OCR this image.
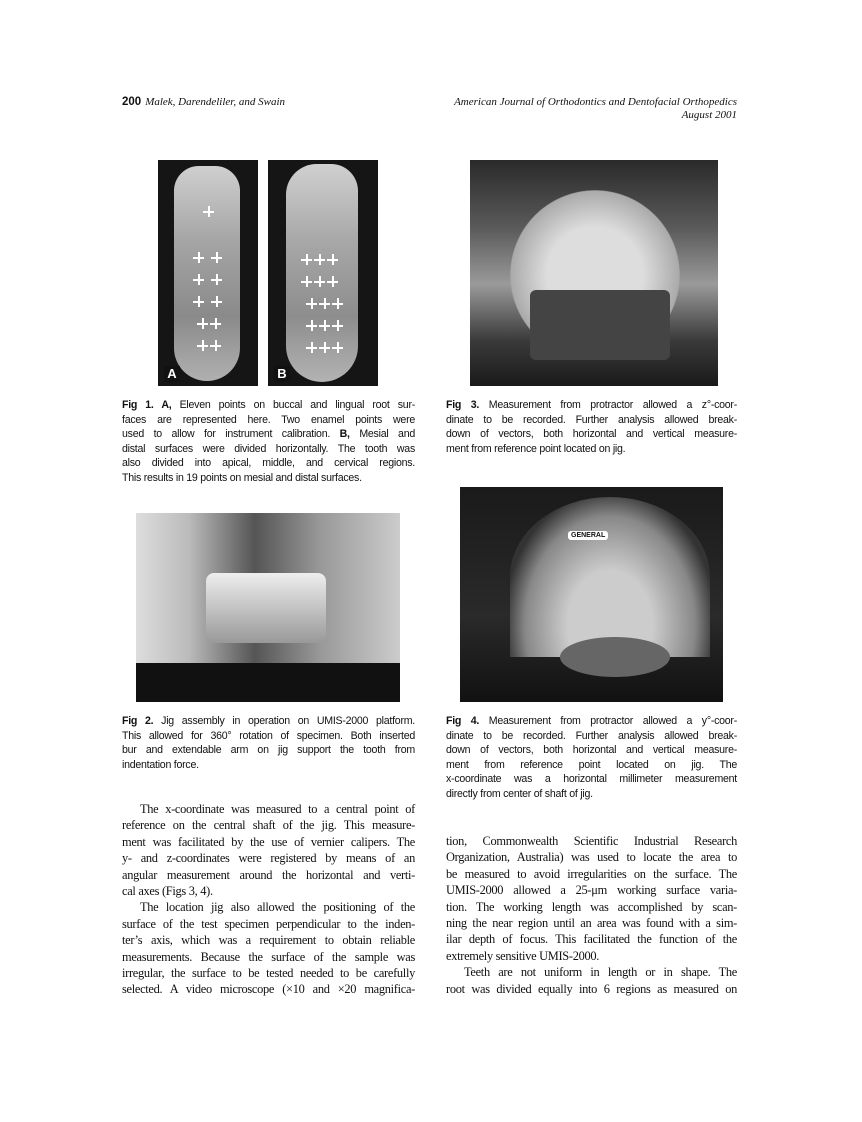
200 Malek, Darendeliler, and Swain	American Journal of Orthodontics and Dentofacial Orthopedics
August 2001
A	B
Fig 1. A, Eleven points on buccal and lingual root sur-
faces are represented here. Two enamel points were
used to allow for instrument calibration. B, Mesial and
distal surfaces were divided horizontally. The tooth was
also divided into apical, middle, and cervical regions.
This results in 19 points on mesial and distal surfaces.
Fig 3. Measurement from protractor allowed a z°-coor-
dinate to be recorded. Further analysis allowed break-
down of vectors, both horizontal and vertical measure-
ment from reference point located on jig.
Fig 2. Jig assembly in operation on UMIS-2000 platform.
This allowed for 360° rotation of specimen. Both inserted
bur and extendable arm on jig support the tooth from
indentation force.
GENERAL
Fig 4. Measurement from protractor allowed a y°-coor-
dinate to be recorded. Further analysis allowed break-
down of vectors, both horizontal and vertical measure-
ment from reference point located on jig. The
x-coordinate was a horizontal millimeter measurement
directly from center of shaft of jig.
The x-coordinate was measured to a central point of
reference on the central shaft of the jig. This measure-
ment was facilitated by the use of vernier calipers. The
y- and z-coordinates were registered by means of an
angular measurement around the horizontal and verti-
cal axes (Figs 3, 4).
The location jig also allowed the positioning of the
surface of the test specimen perpendicular to the inden-
ter’s axis, which was a requirement to obtain reliable
measurements. Because the surface of the sample was
irregular, the surface to be tested needed to be carefully
selected. A video microscope (×10 and ×20 magnifica-
tion, Commonwealth Scientific Industrial Research
Organization, Australia) was used to locate the area to
be measured to avoid irregularities on the surface. The
UMIS-2000 allowed a 25-μm working surface varia-
tion. The working length was accomplished by scan-
ning the near region until an area was found with a sim-
ilar depth of focus. This facilitated the function of the
extremely sensitive UMIS-2000.
Teeth are not uniform in length or in shape. The
root was divided equally into 6 regions as measured on
